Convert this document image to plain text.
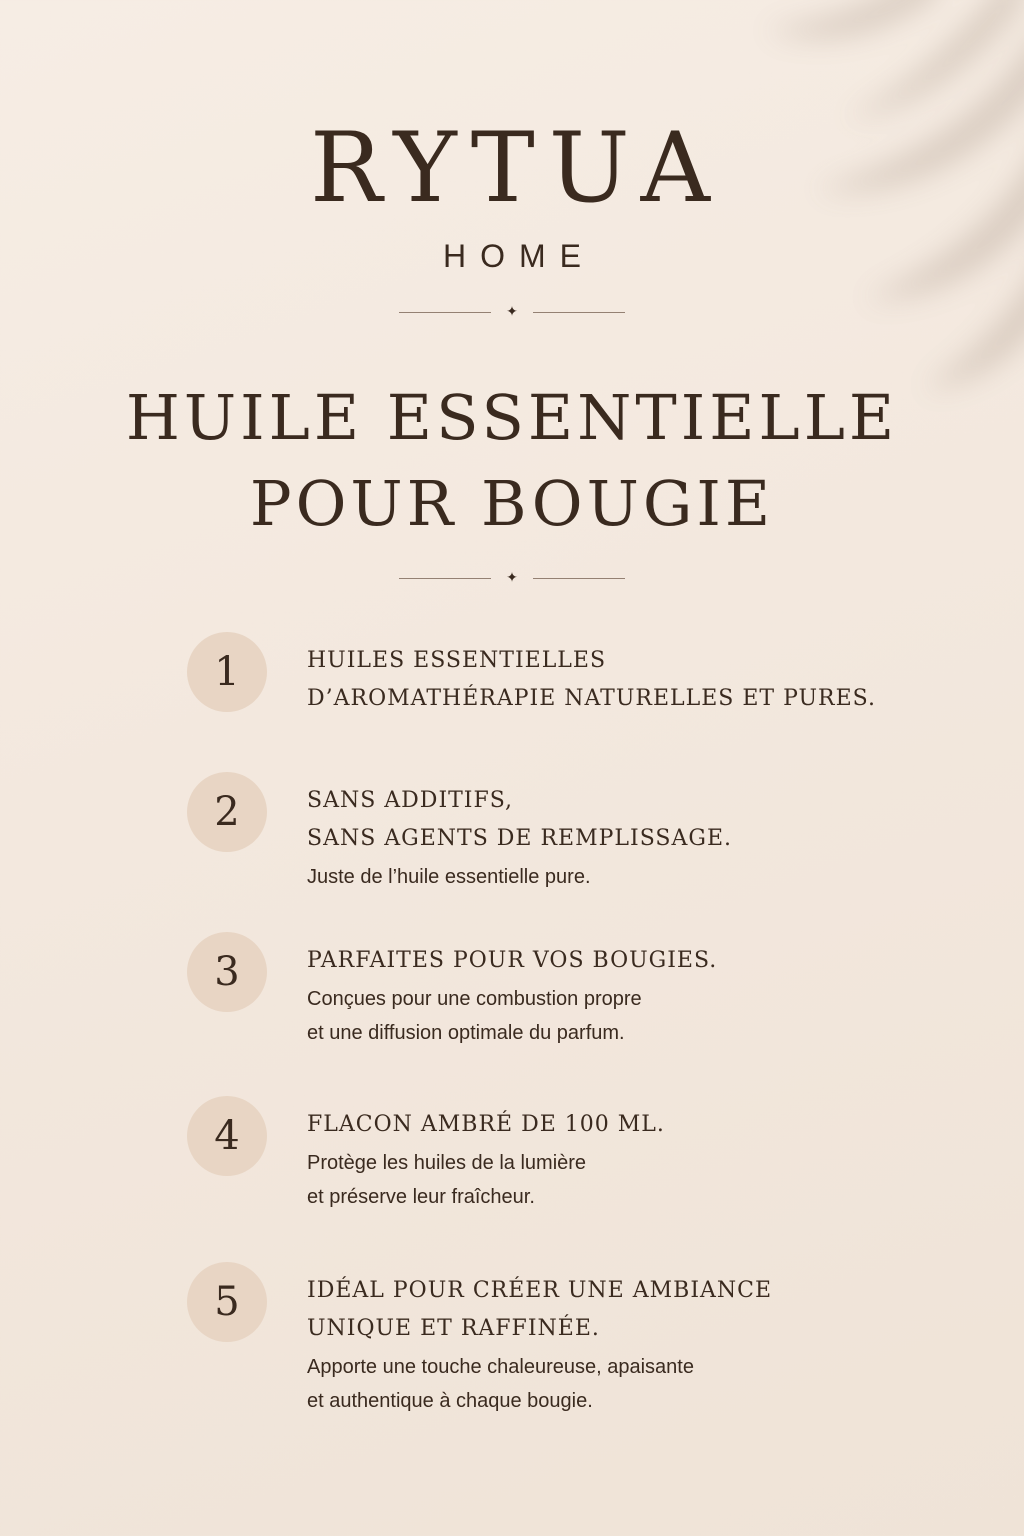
RYTUA
HOME
✦
HUILE ESSENTIELLE
POUR BOUGIE
✦
1	HUILES ESSENTIELLES
D’AROMATHÉRAPIE NATURELLES ET PURES.
2	SANS ADDITIFS,
SANS AGENTS DE REMPLISSAGE.
Juste de l’huile essentielle pure.
3	PARFAITES POUR VOS BOUGIES.
Conçues pour une combustion propre
et une diffusion optimale du parfum.
4	FLACON AMBRÉ DE 100 ML.
Protège les huiles de la lumière
et préserve leur fraîcheur.
5	IDÉAL POUR CRÉER UNE AMBIANCE
UNIQUE ET RAFFINÉE.
Apporte une touche chaleureuse, apaisante
et authentique à chaque bougie.
